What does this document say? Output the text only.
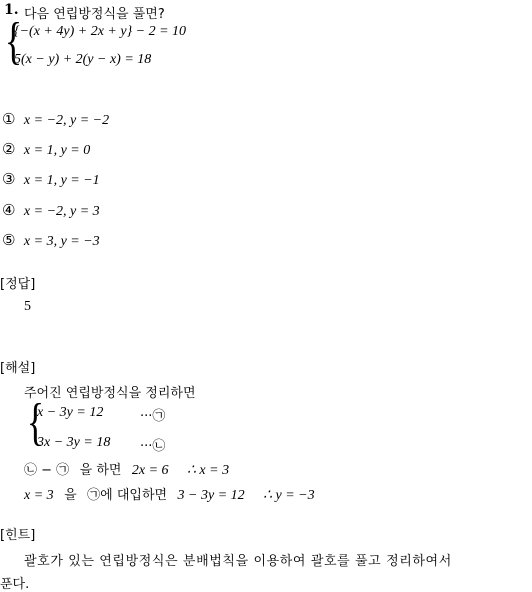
1. 다음 연립방정식을 풀면?
{
{−(x + 4y) + 2x + y} − 2 = 10
5(x − y) + 2(y − x) = 18
① x = −2, y = −2
② x = 1, y = 0
③ x = 1, y = −1
④ x = −2, y = 3
⑤ x = 3, y = −3
[정답]
5
[해설]
주어진 연립방정식을 정리하면
{
x − 3y = 12	···㉠
3x − 3y = 18 ···㉡
㉡ − ㉠ 을 하면 2x = 6 ∴ x = 3
x = 3 을 ㉠에 대입하면 3 − 3y = 12 ∴ y = −3
[힌트]
괄호가 있는 연립방정식은 분배법칙을 이용하여 괄호를 풀고 정리하여서
푼다.
